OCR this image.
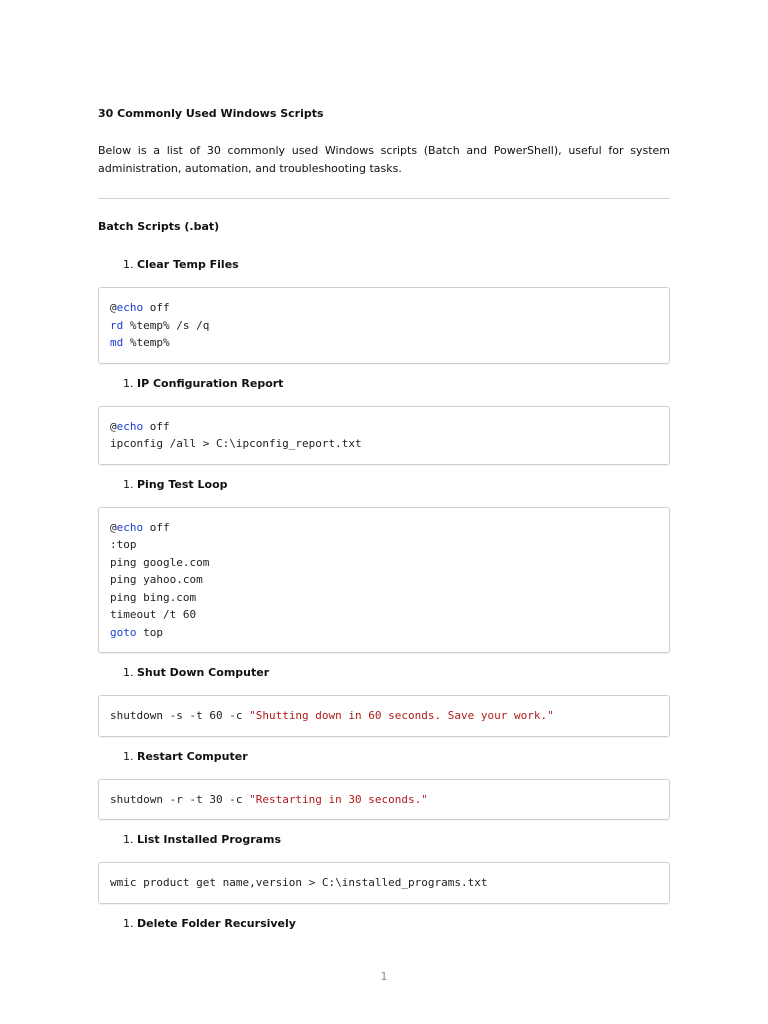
30 Commonly Used Windows Scripts

Below is a list of 30 commonly used Windows scripts (Batch and PowerShell), useful for system administration, automation, and troubleshooting tasks.

Batch Scripts (.bat)

1. Clear Temp Files

@echo off
rd %temp% /s /q
md %temp%

1. IP Configuration Report

@echo off
ipconfig /all > C:\ipconfig_report.txt

1. Ping Test Loop

@echo off
:top
ping google.com
ping yahoo.com
ping bing.com
timeout /t 60
goto top

1. Shut Down Computer

shutdown -s -t 60 -c "Shutting down in 60 seconds. Save your work."

1. Restart Computer

shutdown -r -t 30 -c "Restarting in 30 seconds."

1. List Installed Programs

wmic product get name,version > C:\installed_programs.txt

1. Delete Folder Recursively

1
